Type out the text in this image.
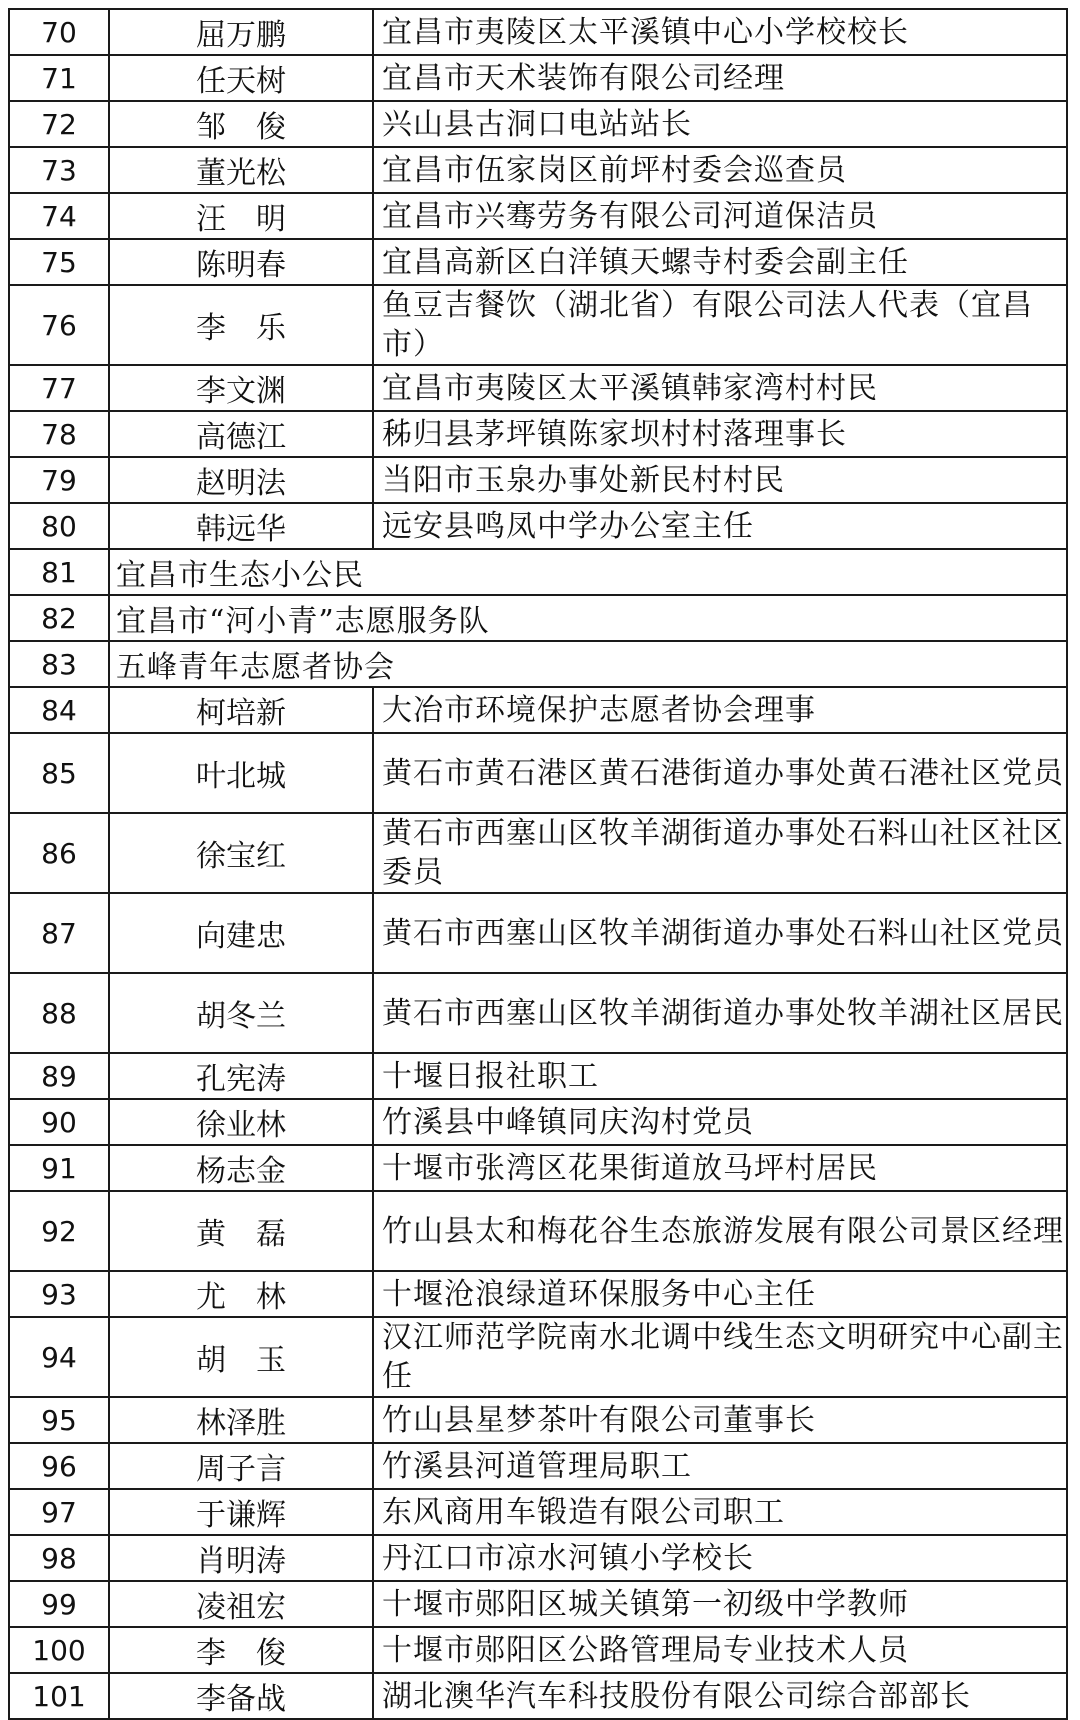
70	屈万鹏	宜昌市夷陵区太平溪镇中心小学校校长
71	任天树	宜昌市天术装饰有限公司经理
72	邹　俊	兴山县古洞口电站站长
73	董光松	宜昌市伍家岗区前坪村委会巡查员
74	汪　明	宜昌市兴骞劳务有限公司河道保洁员
75	陈明春	宜昌高新区白洋镇天螺寺村委会副主任
76	李　乐	鱼豆吉餐饮（湖北省）有限公司法人代表（宜昌市）
77	李文渊	宜昌市夷陵区太平溪镇韩家湾村村民
78	高德江	秭归县茅坪镇陈家坝村村落理事长
79	赵明法	当阳市玉泉办事处新民村村民
80	韩远华	远安县鸣凤中学办公室主任
81	宜昌市生态小公民	
82	宜昌市“河小青”志愿服务队	
83	五峰青年志愿者协会	
84	柯培新	大冶市环境保护志愿者协会理事
85	叶北城	黄石市黄石港区黄石港街道办事处黄石港社区党员
86	徐宝红	黄石市西塞山区牧羊湖街道办事处石料山社区社区委员
87	向建忠	黄石市西塞山区牧羊湖街道办事处石料山社区党员
88	胡冬兰	黄石市西塞山区牧羊湖街道办事处牧羊湖社区居民
89	孔宪涛	十堰日报社职工
90	徐业林	竹溪县中峰镇同庆沟村党员
91	杨志金	十堰市张湾区花果街道放马坪村居民
92	黄　磊	竹山县太和梅花谷生态旅游发展有限公司景区经理
93	尤　林	十堰沧浪绿道环保服务中心主任
94	胡　玉	汉江师范学院南水北调中线生态文明研究中心副主任
95	林泽胜	竹山县星梦茶叶有限公司董事长
96	周子言	竹溪县河道管理局职工
97	于谦辉	东风商用车锻造有限公司职工
98	肖明涛	丹江口市凉水河镇小学校长
99	凌祖宏	十堰市郧阳区城关镇第一初级中学教师
100	李　俊	十堰市郧阳区公路管理局专业技术人员
101	李备战	湖北澳华汽车科技股份有限公司综合部部长
